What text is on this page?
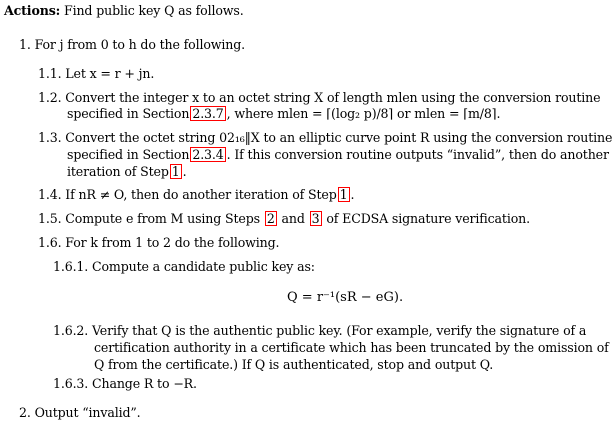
Actions: Find public key Q as follows.
1. For j from 0 to h do the following.
1.1. Let x = r + jn.
1.2. Convert the integer x to an octet string X of length mlen using the conversion routine
specified in Section 2.3.7 , where mlen = ⌈(log₂ p)/8⌉ or mlen = ⌈m/8⌉.
1.3. Convert the octet string 02₁₆‖X to an elliptic curve point R using the conversion routine
specified in Section 2.3.4 . If this conversion routine outputs “invalid”, then do another
iteration of Step 1 .
1.4. If nR ≠ O, then do another iteration of Step 1 .
1.5. Compute e from M using Steps 2 and 3 of ECDSA signature verification.
1.6. For k from 1 to 2 do the following.
1.6.1. Compute a candidate public key as:
Q = r⁻¹(sR − eG).
1.6.2. Verify that Q is the authentic public key. (For example, verify the signature of a
certification authority in a certificate which has been truncated by the omission of
Q from the certificate.) If Q is authenticated, stop and output Q.
1.6.3. Change R to −R.
2. Output “invalid”.
